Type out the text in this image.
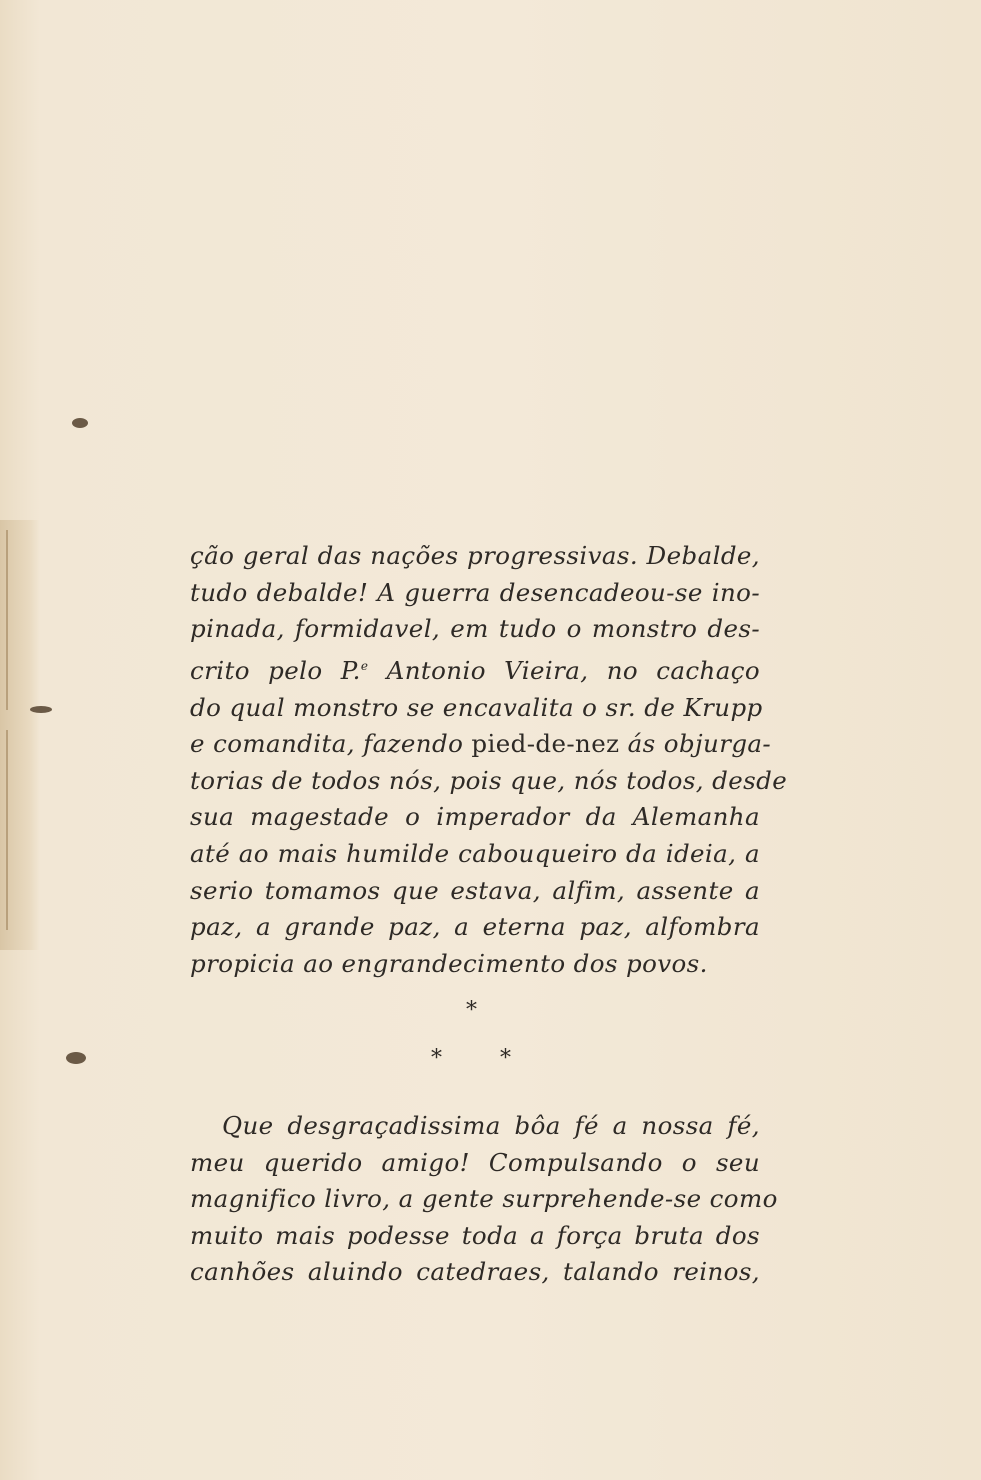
ção geral das nações progressivas. Debalde,
tudo debalde! A guerra desencadeou-se ino-
pinada, formidavel, em tudo o monstro des-
crito pelo P.$^e$ Antonio Vieira, no cachaço
do qual monstro se encavalita o sr. de Krupp
e comandita, fazendo pied-de-nez ás objurga-
torias de todos nós, pois que, nós todos, desde
sua magestade o imperador da Alemanha
até ao mais humilde cabouqueiro da ideia, a
serio tomamos que estava, alfim, assente a
paz, a grande paz, a eterna paz, alfombra
propicia ao engrandecimento dos povos.
*
*	*
Que desgraçadissima bôa fé a nossa fé,
meu querido amigo! Compulsando o seu
magnifico livro, a gente surprehende-se como
muito mais podesse toda a força bruta dos
canhões aluindo catedraes, talando reinos,
